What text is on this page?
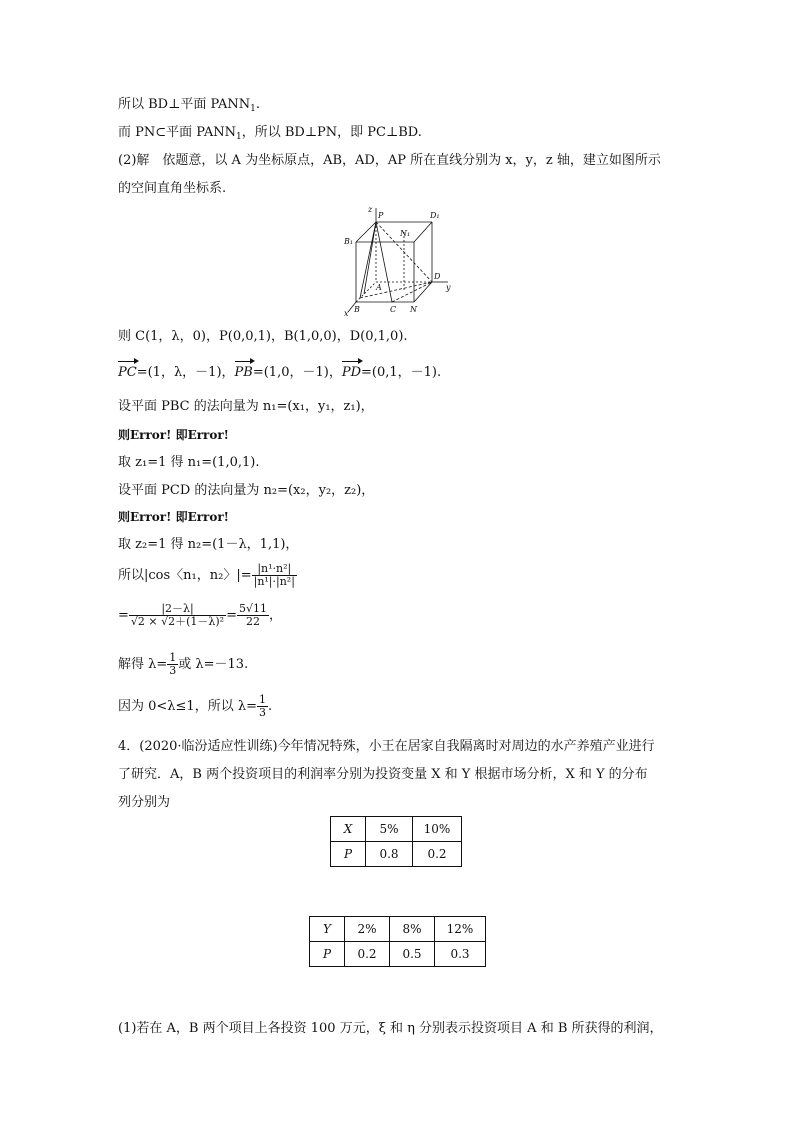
所以 BD⊥平面 $PANN_1$.
而 PN⊂平面 $PANN_1$，所以 BD⊥PN，即 PC⊥BD.
(2)解　依题意，以 A 为坐标原点，AB，AD，AP 所在直线分别为 x，y，z 轴，建立如图所示
的空间直角坐标系.
z
P	D₁
B₁
N₁
D
y
A
B	C N
x
则 C(1，λ，0)，P(0,0,1)，B(1,0,0)，D(0,1,0).
PC=(1，λ，－1)，PB=(1,0，－1)，PD=(0,1，－1).
设平面 PBC 的法向量为 n₁=(x₁，y₁，z₁)，
则Error! 即Error!
取 z₁=1 得 n₁=(1,0,1).
设平面 PCD 的法向量为 n₂=(x₂，y₂，z₂)，
则Error! 即Error!
取 z₂=1 得 n₂=(1－λ，1,1)，
所以|cos〈n₁，n₂〉|= $\frac{\text{|n¹·n²|}}{\text{|n¹|·|n²|}}$
= $\frac{|2-\lambda|}{\text{√2 × √2＋(1－λ)²}} = \frac{5√11}{22}$ ，
解得 $\lambda= \frac{1}{3}$ 或 λ=－13.
因为 0<λ≤1，所以 $\lambda= \frac{1}{3}$ .
4．(2020·临汾适应性训练)今年情况特殊，小王在居家自我隔离时对周边的水产养殖产业进行
了研究．A，B 两个投资项目的利润率分别为投资变量 X 和 Y 根据市场分析，X 和 Y 的分布
列分别为
X	5%	10%
P	0.8	0.2
Y	2%	8%	12%
P	0.2	0.5	0.3
(1)若在 A，B 两个项目上各投资 100 万元，ξ 和 η 分别表示投资项目 A 和 B 所获得的利润，
